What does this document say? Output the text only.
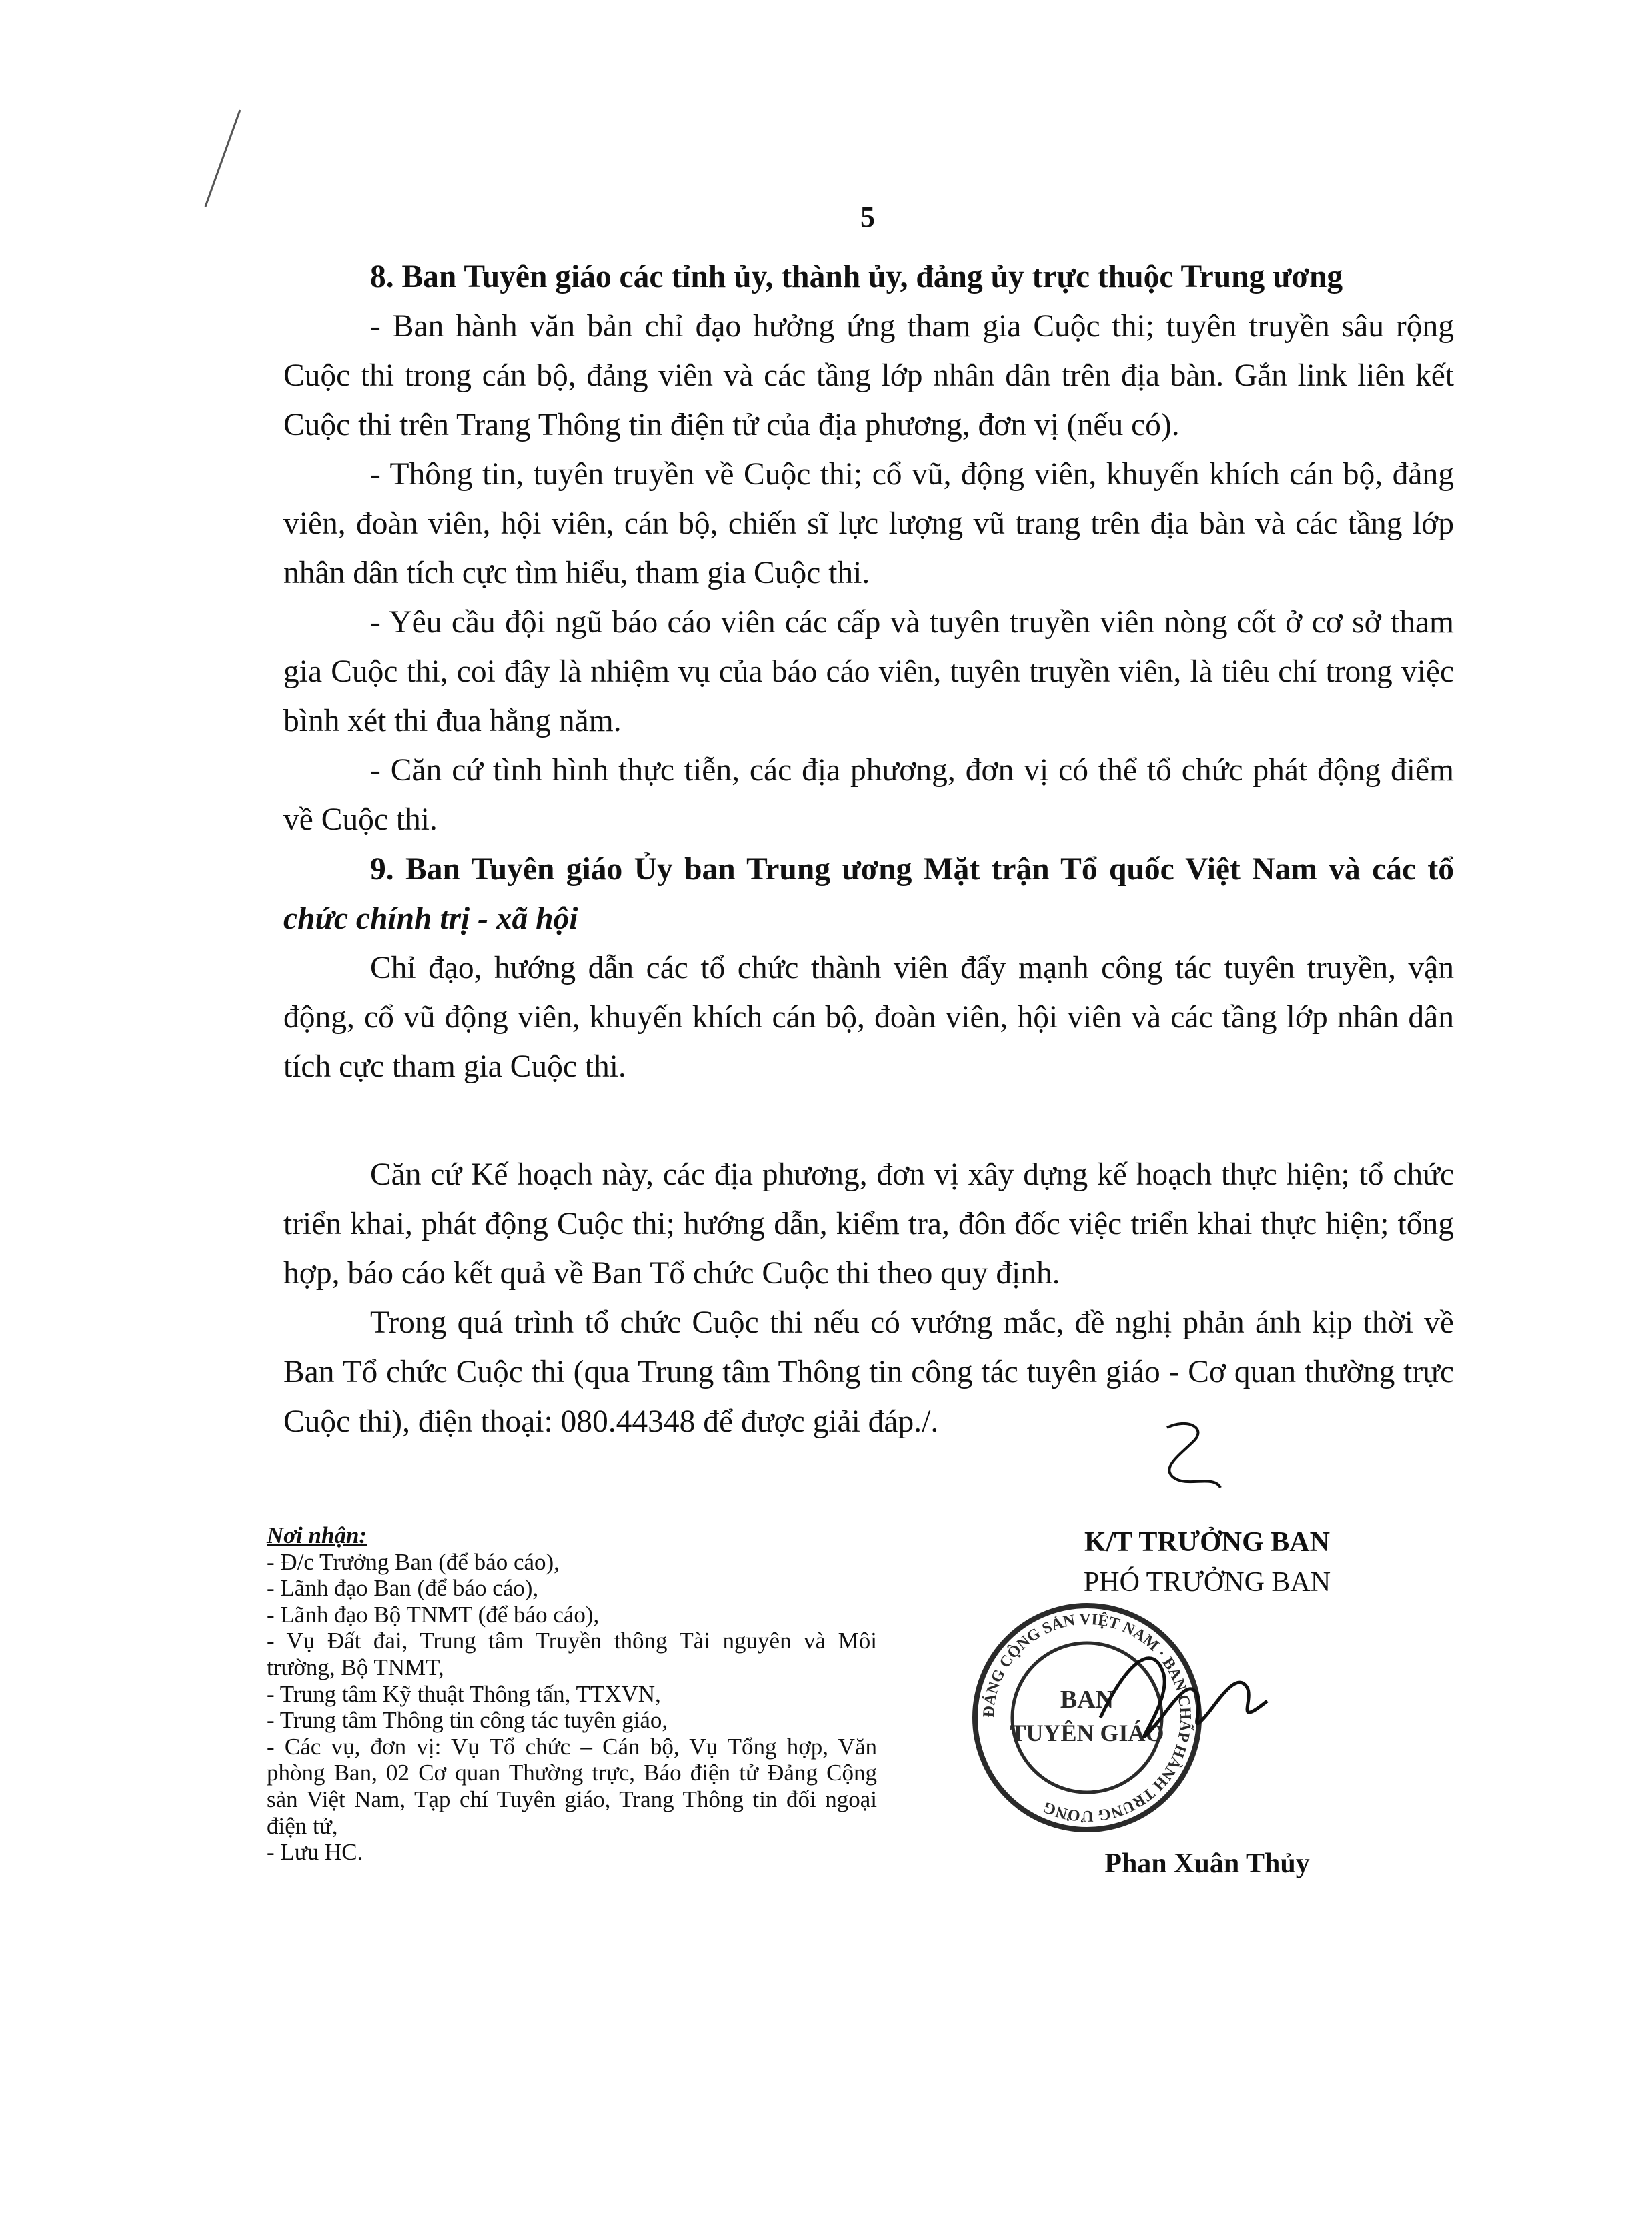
5

8. Ban Tuyên giáo các tỉnh ủy, thành ủy, đảng ủy trực thuộc Trung ương

- Ban hành văn bản chỉ đạo hưởng ứng tham gia Cuộc thi; tuyên truyền sâu rộng Cuộc thi trong cán bộ, đảng viên và các tầng lớp nhân dân trên địa bàn. Gắn link liên kết Cuộc thi trên Trang Thông tin điện tử của địa phương, đơn vị (nếu có).

- Thông tin, tuyên truyền về Cuộc thi; cổ vũ, động viên, khuyến khích cán bộ, đảng viên, đoàn viên, hội viên, cán bộ, chiến sĩ lực lượng vũ trang trên địa bàn và các tầng lớp nhân dân tích cực tìm hiểu, tham gia Cuộc thi.

- Yêu cầu đội ngũ báo cáo viên các cấp và tuyên truyền viên nòng cốt ở cơ sở tham gia Cuộc thi, coi đây là nhiệm vụ của báo cáo viên, tuyên truyền viên, là tiêu chí trong việc bình xét thi đua hằng năm.

- Căn cứ tình hình thực tiễn, các địa phương, đơn vị có thể tổ chức phát động điểm về Cuộc thi.

9. Ban Tuyên giáo Ủy ban Trung ương Mặt trận Tổ quốc Việt Nam và các tổ chức chính trị - xã hội

Chỉ đạo, hướng dẫn các tổ chức thành viên đẩy mạnh công tác tuyên truyền, vận động, cổ vũ động viên, khuyến khích cán bộ, đoàn viên, hội viên và các tầng lớp nhân dân tích cực tham gia Cuộc thi.

Căn cứ Kế hoạch này, các địa phương, đơn vị xây dựng kế hoạch thực hiện; tổ chức triển khai, phát động Cuộc thi; hướng dẫn, kiểm tra, đôn đốc việc triển khai thực hiện; tổng hợp, báo cáo kết quả về Ban Tổ chức Cuộc thi theo quy định.

Trong quá trình tổ chức Cuộc thi nếu có vướng mắc, đề nghị phản ánh kịp thời về Ban Tổ chức Cuộc thi (qua Trung tâm Thông tin công tác tuyên giáo - Cơ quan thường trực Cuộc thi), điện thoại: 080.44348 để được giải đáp./.

Nơi nhận:
- Đ/c Trưởng Ban (để báo cáo),
- Lãnh đạo Ban (để báo cáo),
- Lãnh đạo Bộ TNMT (để báo cáo),
- Vụ Đất đai, Trung tâm Truyền thông Tài nguyên và Môi trường, Bộ TNMT,
- Trung tâm Kỹ thuật Thông tấn, TTXVN,
- Trung tâm Thông tin công tác tuyên giáo,
- Các vụ, đơn vị: Vụ Tổ chức – Cán bộ, Vụ Tổng hợp, Văn phòng Ban, 02 Cơ quan Thường trực, Báo điện tử Đảng Cộng sản Việt Nam, Tạp chí Tuyên giáo, Trang Thông tin đối ngoại điện tử,
- Lưu HC.
K/T TRƯỞNG BAN
PHÓ TRƯỞNG BAN
ĐẢNG CỘNG SẢN VIỆT NAM · BAN CHẤP HÀNH TRUNG ƯƠNG
BAN
TUYÊN GIÁO
Phan Xuân Thủy
